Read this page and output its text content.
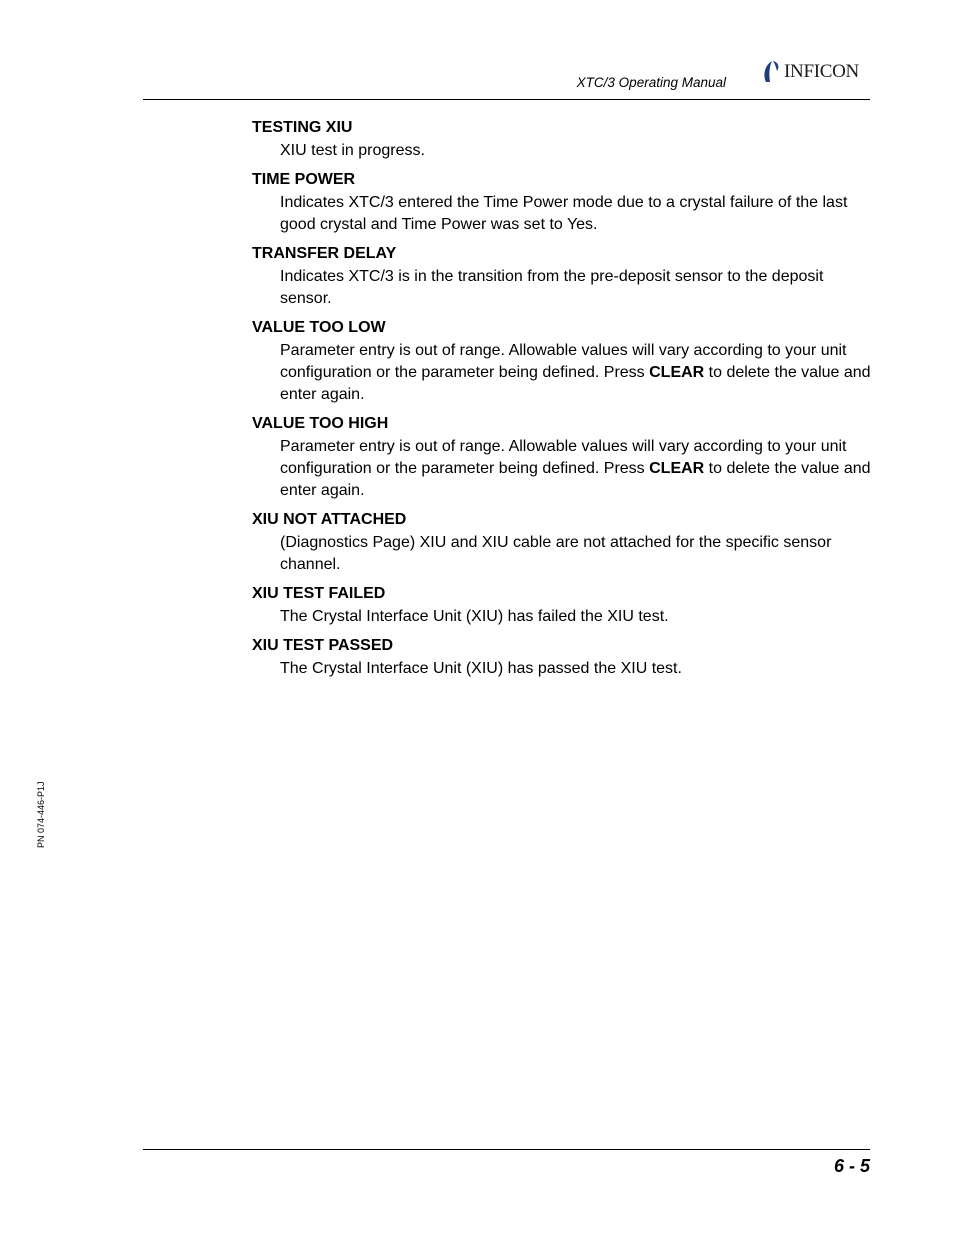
XTC/3 Operating Manual
INFICON
TESTING XIU
XIU test in progress.
TIME POWER
Indicates XTC/3 entered the Time Power mode due to a crystal failure of the last good crystal and Time Power was set to Yes.
TRANSFER DELAY
Indicates XTC/3 is in the transition from the pre-deposit sensor to the deposit sensor.
VALUE TOO LOW
Parameter entry is out of range. Allowable values will vary according to your unit configuration or the parameter being defined. Press CLEAR to delete the value and enter again.
VALUE TOO HIGH
Parameter entry is out of range. Allowable values will vary according to your unit configuration or the parameter being defined. Press CLEAR to delete the value and enter again.
XIU NOT ATTACHED
(Diagnostics Page) XIU and XIU cable are not attached for the specific sensor channel.
XIU TEST FAILED
The Crystal Interface Unit (XIU) has failed the XIU test.
XIU TEST PASSED
The Crystal Interface Unit (XIU) has passed the XIU test.
PN 074-446-P1J
6 - 5
